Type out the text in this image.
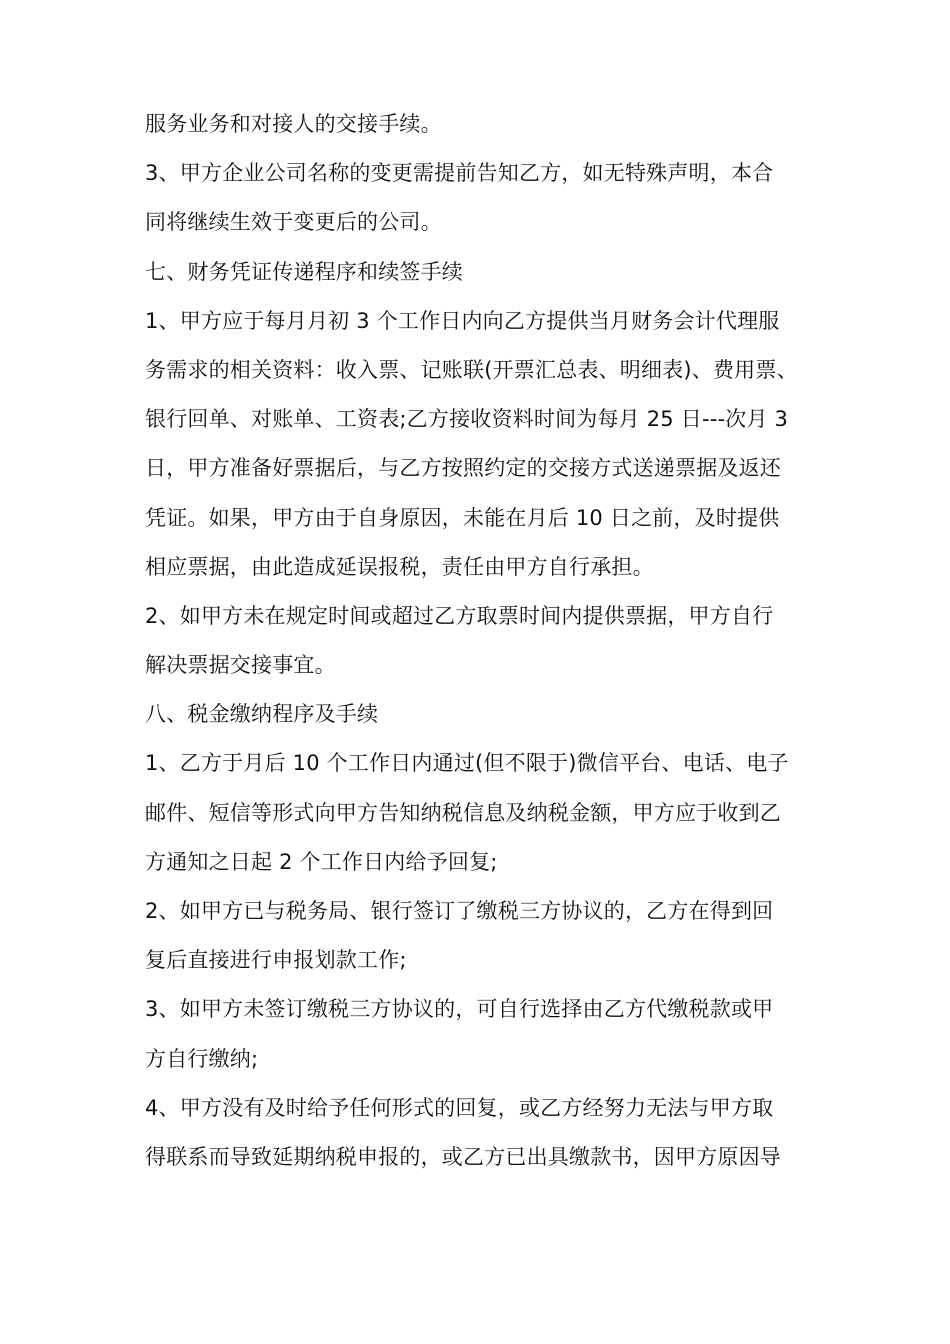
服务业务和对接人的交接手续。
3、甲方企业公司名称的变更需提前告知乙方，如无特殊声明，本合
同将继续生效于变更后的公司。
七、财务凭证传递程序和续签手续
1、甲方应于每月月初 3 个工作日内向乙方提供当月财务会计代理服
务需求的相关资料：收入票、记账联(开票汇总表、明细表)、费用票、
银行回单、对账单、工资表;乙方接收资料时间为每月 25 日---次月 3
日，甲方准备好票据后，与乙方按照约定的交接方式送递票据及返还
凭证。如果，甲方由于自身原因，未能在月后 10 日之前，及时提供
相应票据，由此造成延误报税，责任由甲方自行承担。
2、如甲方未在规定时间或超过乙方取票时间内提供票据，甲方自行
解决票据交接事宜。
八、税金缴纳程序及手续
1、乙方于月后 10 个工作日内通过(但不限于)微信平台、电话、电子
邮件、短信等形式向甲方告知纳税信息及纳税金额，甲方应于收到乙
方通知之日起 2 个工作日内给予回复;
2、如甲方已与税务局、银行签订了缴税三方协议的，乙方在得到回
复后直接进行申报划款工作;
3、如甲方未签订缴税三方协议的，可自行选择由乙方代缴税款或甲
方自行缴纳;
4、甲方没有及时给予任何形式的回复，或乙方经努力无法与甲方取
得联系而导致延期纳税申报的，或乙方已出具缴款书，因甲方原因导
